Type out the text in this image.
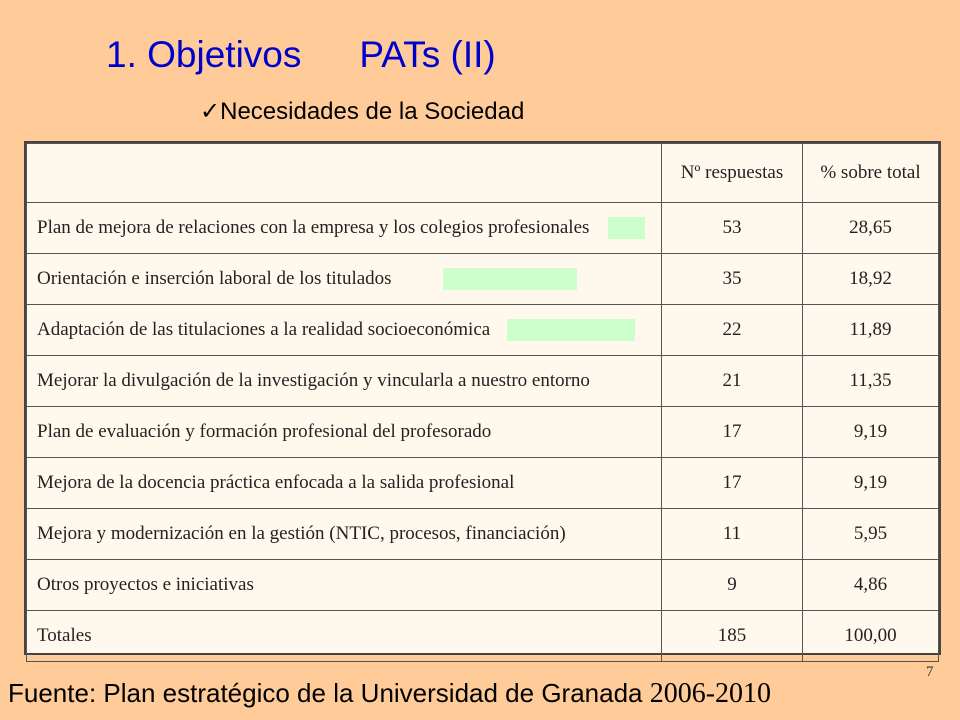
1. Objetivos PATs (II)
✓Necesidades de la Sociedad
	Nº respuestas	% sobre total

Plan de mejora de relaciones con la empresa y los colegios profesionales	53	28,65

Orientación e inserción laboral de los titulados	35	18,92

Adaptación de las titulaciones a la realidad socioeconómica	22	11,89
Mejorar la divulgación de la investigación y vincularla a nuestro entorno	21	11,35
Plan de evaluación y formación profesional del profesorado	17	9,19
Mejora de la docencia práctica enfocada a la salida profesional	17	9,19
Mejora y modernización en la gestión (NTIC, procesos, financiación)	11	5,95
Otros proyectos e iniciativas	9	4,86
Totales	185	100,00
7
Fuente: Plan estratégico de la Universidad de Granada 2006-2010
